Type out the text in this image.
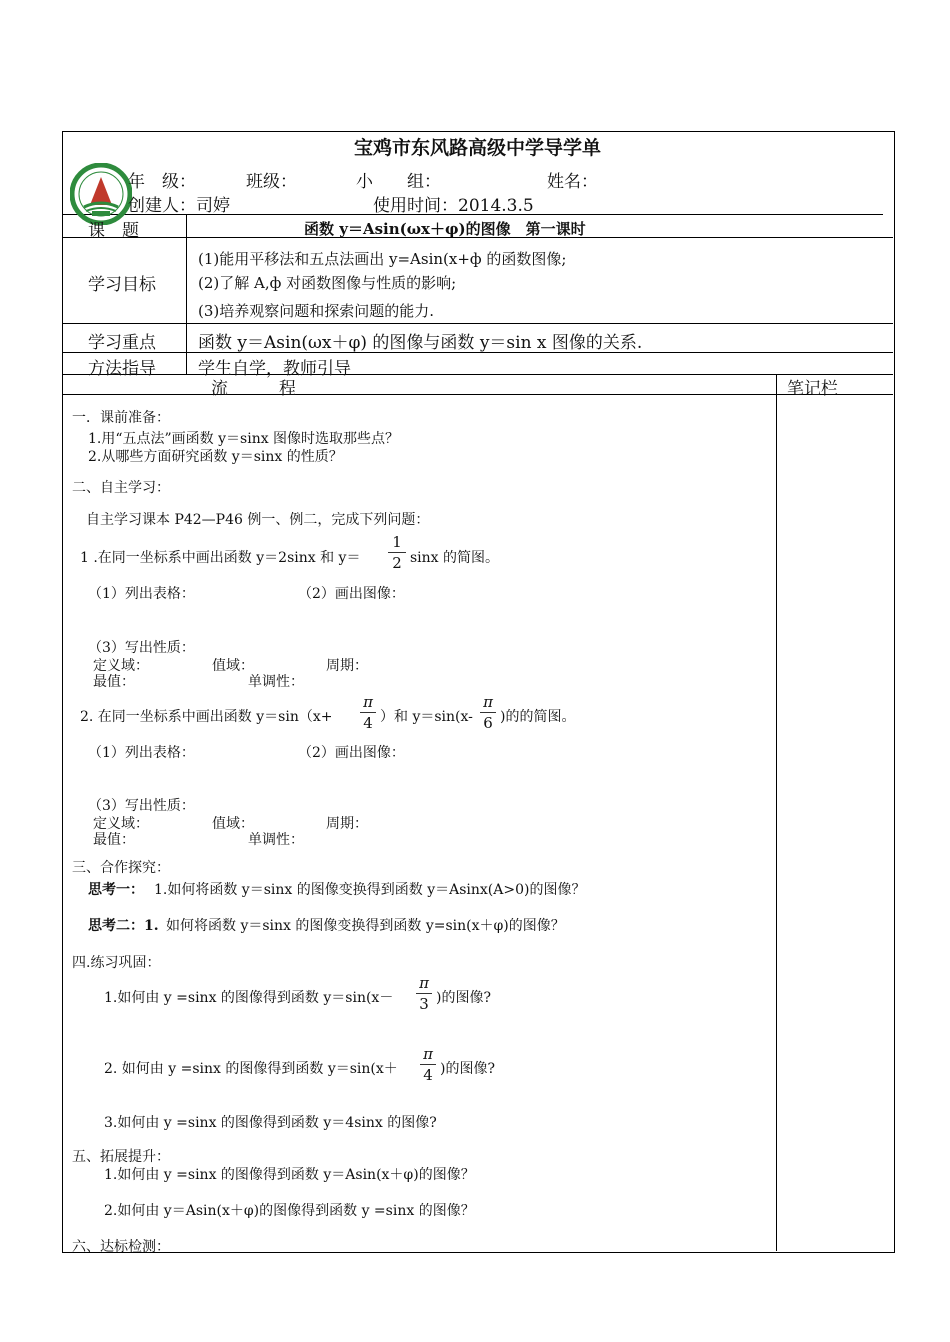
宝鸡市东风路高级中学导学单
年　级：	班级：	小　　组：	姓名：
创建人：司婷	使用时间：2014.3.5
课　题	函数 y＝Asin(ωx＋φ)的图像　第一课时
学习目标
(1)能用平移法和五点法画出 y=Asin(x+ф 的函数图像;
(2)了解 A,ф 对函数图像与性质的影响;
(3)培养观察问题和探索问题的能力.
学习重点 函数 y＝Asin(ωx＋φ) 的图像与函数 y＝sin x 图像的关系.
方法指导 学生自学，教师引导
流　　　程	笔记栏
一．课前准备：
1.用“五点法”画函数 y＝sinx 图像时选取那些点？
2.从哪些方面研究函数 y＝sinx 的性质？
二、自主学习：
自主学习课本 P42—P46 例一、例二，完成下列问题：
1 .在同一坐标系中画出函数 y＝2sinx 和 y＝
1
2 sinx 的简图。
（1）列出表格：	（2）画出图像：
（3）写出性质：
定义域：	值域：	周期：
最值：	单调性：
2. 在同一坐标系中画出函数 y＝sin（x+
π
4 ）和 y＝sin(x-
π
6 )的的简图。
（1）列出表格：	（2）画出图像：
（3）写出性质：
定义域：	值域：	周期：
最值：	单调性：
三、合作探究：
思考一： 1.如何将函数 y＝sinx 的图像变换得到函数 y＝Asinx(A>0)的图像？
思考二：1. 如何将函数 y＝sinx 的图像变换得到函数 y=sin(x＋φ)的图像？
四.练习巩固：
1.如何由 y =sinx 的图像得到函数 y＝sin(x－
π
3 )的图像?
2. 如何由 y =sinx 的图像得到函数 y＝sin(x＋
π
4 )的图像?
3.如何由 y =sinx 的图像得到函数 y＝4sinx 的图像?
五、拓展提升：
1.如何由 y =sinx 的图像得到函数 y＝Asin(x＋φ)的图像？
2.如何由 y＝Asin(x＋φ)的图像得到函数 y =sinx 的图像？
六、达标检测：
